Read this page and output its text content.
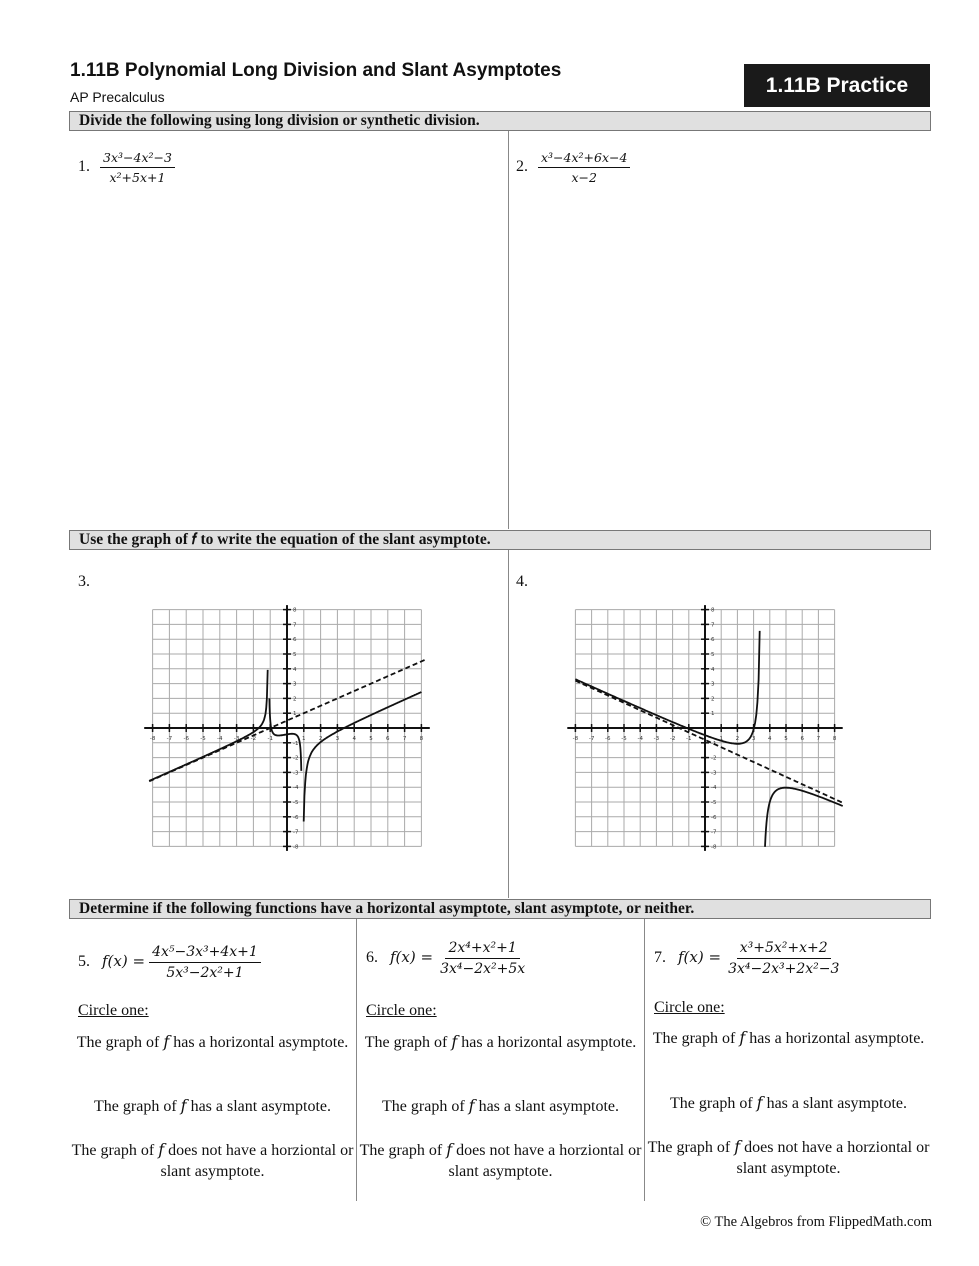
1.11B Polynomial Long Division and Slant Asymptotes
AP Precalculus
1.11B Practice
Divide the following using long division or synthetic division.
1. $\frac{\text{3x³−4x²−3}}{\text{x²+5x+1}}$	2. $\frac{\text{x³−4x²+6x−4}}{x-2}$
Use the graph of 𝑓 to write the equation of the slant asymptote.
3.	4.
-8
-8
-7
-7
-6
-6
-5
-5
-4
-4
-3
-3
-2
-2
-1
-1
1
1
2
2
3
3
4
4
5
5
6
6
7
7
8
8
-8
-8
-7
-7
-6
-6
-5
-5
-4
-4
-3
-3
-2
-2
-1
-1
1
1
2
2
3
3
4
4
5
5
6
6
7
7
8
8
Determine if the following functions have a horizontal asymptote, slant asymptote, or neither.
5. $f(x) = \frac{\text{4x⁵−3x³+4x+1}}{\text{5x³−2x²+1}}$
Circle one:
The graph of 𝑓 has a horizontal asymptote.
The graph of 𝑓 has a slant asymptote.
The graph of 𝑓 does not have a horziontal or slant asymptote.
6. $f(x) = \frac{\text{2x⁴+x²+1}}{\text{3x⁴−2x²+5x}}$
Circle one:
The graph of 𝑓 has a horizontal asymptote.
The graph of 𝑓 has a slant asymptote.
The graph of 𝑓 does not have a horziontal or slant asymptote.
7. $f(x) = \frac{\text{x³+5x²+x+2}}{\text{3x⁴−2x³+2x²−3}}$
Circle one:
The graph of 𝑓 has a horizontal asymptote.
The graph of 𝑓 has a slant asymptote.
The graph of 𝑓 does not have a horziontal or slant asymptote.
© The Algebros from FlippedMath.com
